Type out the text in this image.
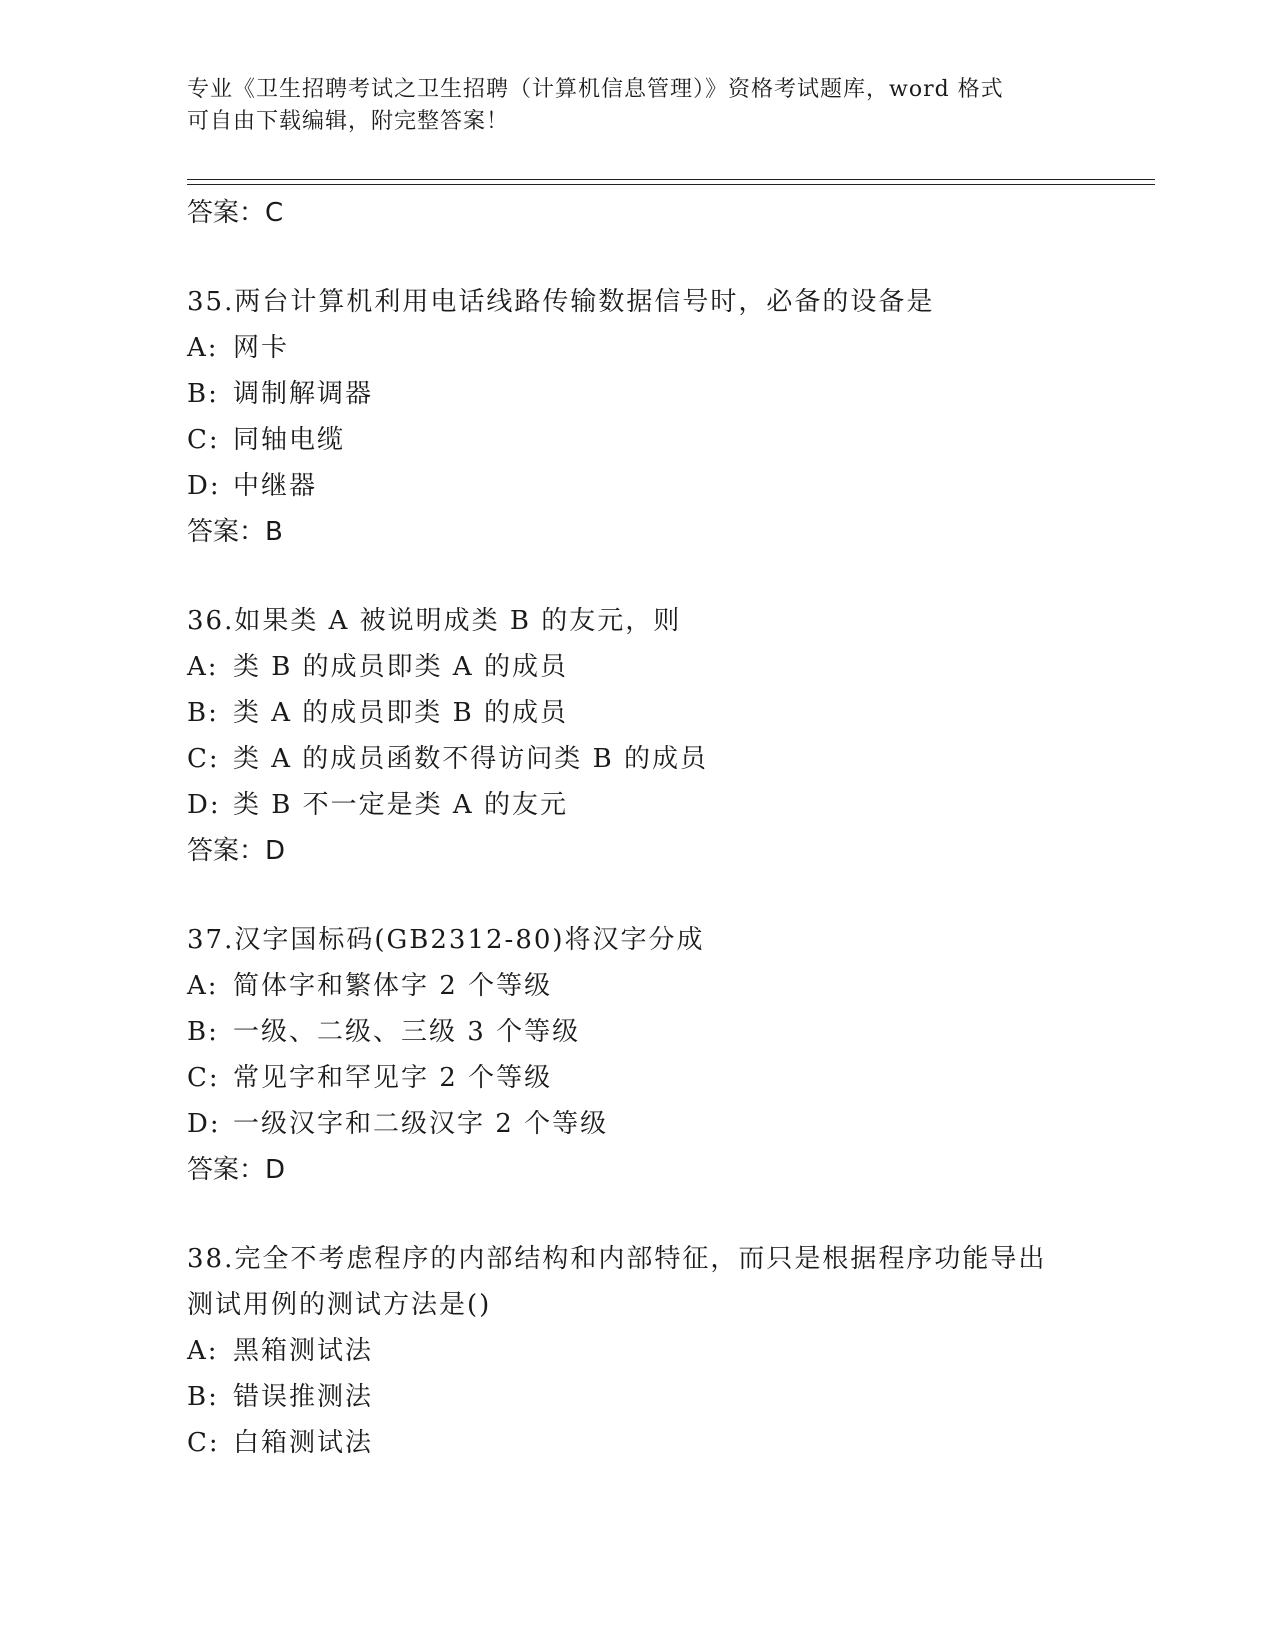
专业《卫生招聘考试之卫生招聘（计算机信息管理）》资格考试题库，word 格式
可自由下载编辑，附完整答案！
答案：C
35.两台计算机利用电话线路传输数据信号时，必备的设备是
A: 网卡
B: 调制解调器
C: 同轴电缆
D: 中继器
答案：B
36.如果类 A 被说明成类 B 的友元，则
A: 类 B 的成员即类 A 的成员
B: 类 A 的成员即类 B 的成员
C: 类 A 的成员函数不得访问类 B 的成员
D: 类 B 不一定是类 A 的友元
答案：D
37.汉字国标码(GB2312-80)将汉字分成
A: 简体字和繁体字 2 个等级
B: 一级、二级、三级 3 个等级
C: 常见字和罕见字 2 个等级
D: 一级汉字和二级汉字 2 个等级
答案：D
38.完全不考虑程序的内部结构和内部特征，而只是根据程序功能导出
测试用例的测试方法是()
A: 黑箱测试法
B: 错误推测法
C: 白箱测试法
